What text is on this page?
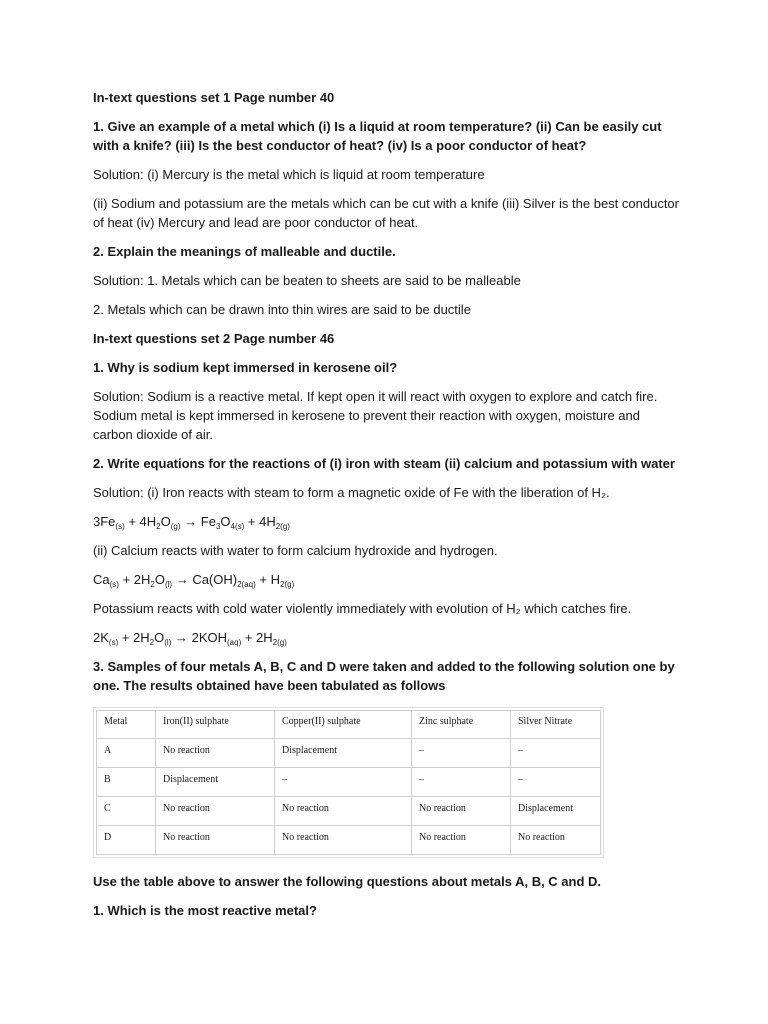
In-text questions set 1 Page number 40

1. Give an example of a metal which (i) Is a liquid at room temperature? (ii) Can be easily cut with a knife? (iii) Is the best conductor of heat? (iv) Is a poor conductor of heat?

Solution: (i) Mercury is the metal which is liquid at room temperature

(ii) Sodium and potassium are the metals which can be cut with a knife (iii) Silver is the best conductor of heat (iv) Mercury and lead are poor conductor of heat.

2. Explain the meanings of malleable and ductile.

Solution: 1. Metals which can be beaten to sheets are said to be malleable

2. Metals which can be drawn into thin wires are said to be ductile

In-text questions set 2 Page number 46

1. Why is sodium kept immersed in kerosene oil?

Solution: Sodium is a reactive metal. If kept open it will react with oxygen to explore and catch fire. Sodium metal is kept immersed in kerosene to prevent their reaction with oxygen, moisture and carbon dioxide of air.

2. Write equations for the reactions of (i) iron with steam (ii) calcium and potassium with water

Solution: (i) Iron reacts with steam to form a magnetic oxide of Fe with the liberation of H₂.

$3Fe_{(s)} + 4H_2O_{(g)} \to Fe_3O_{4(s)} + 4H_{2(g)}$

(ii) Calcium reacts with water to form calcium hydroxide and hydrogen.

$Ca_{(s)} + 2H_2O_{(l)} \to Ca(OH)_{2(aq)} + H_{2(g)}$

Potassium reacts with cold water violently immediately with evolution of H₂ which catches fire.

$2K_{(s)} + 2H_2O_{(l)} \to 2KOH_{(aq)} + 2H_{2(g)}$

3. Samples of four metals A, B, C and D were taken and added to the following solution one by one. The results obtained have been tabulated as follows

Metal	Iron(II) sulphate	Copper(II) sulphate	Zinc sulphate	Silver Nitrate
A	No reaction	Displacement	–	–
B	Displacement	–	–	–
C	No reaction	No reaction	No reaction	Displacement
D	No reaction	No reaction	No reaction	No reaction

Use the table above to answer the following questions about metals A, B, C and D.

1. Which is the most reactive metal?
